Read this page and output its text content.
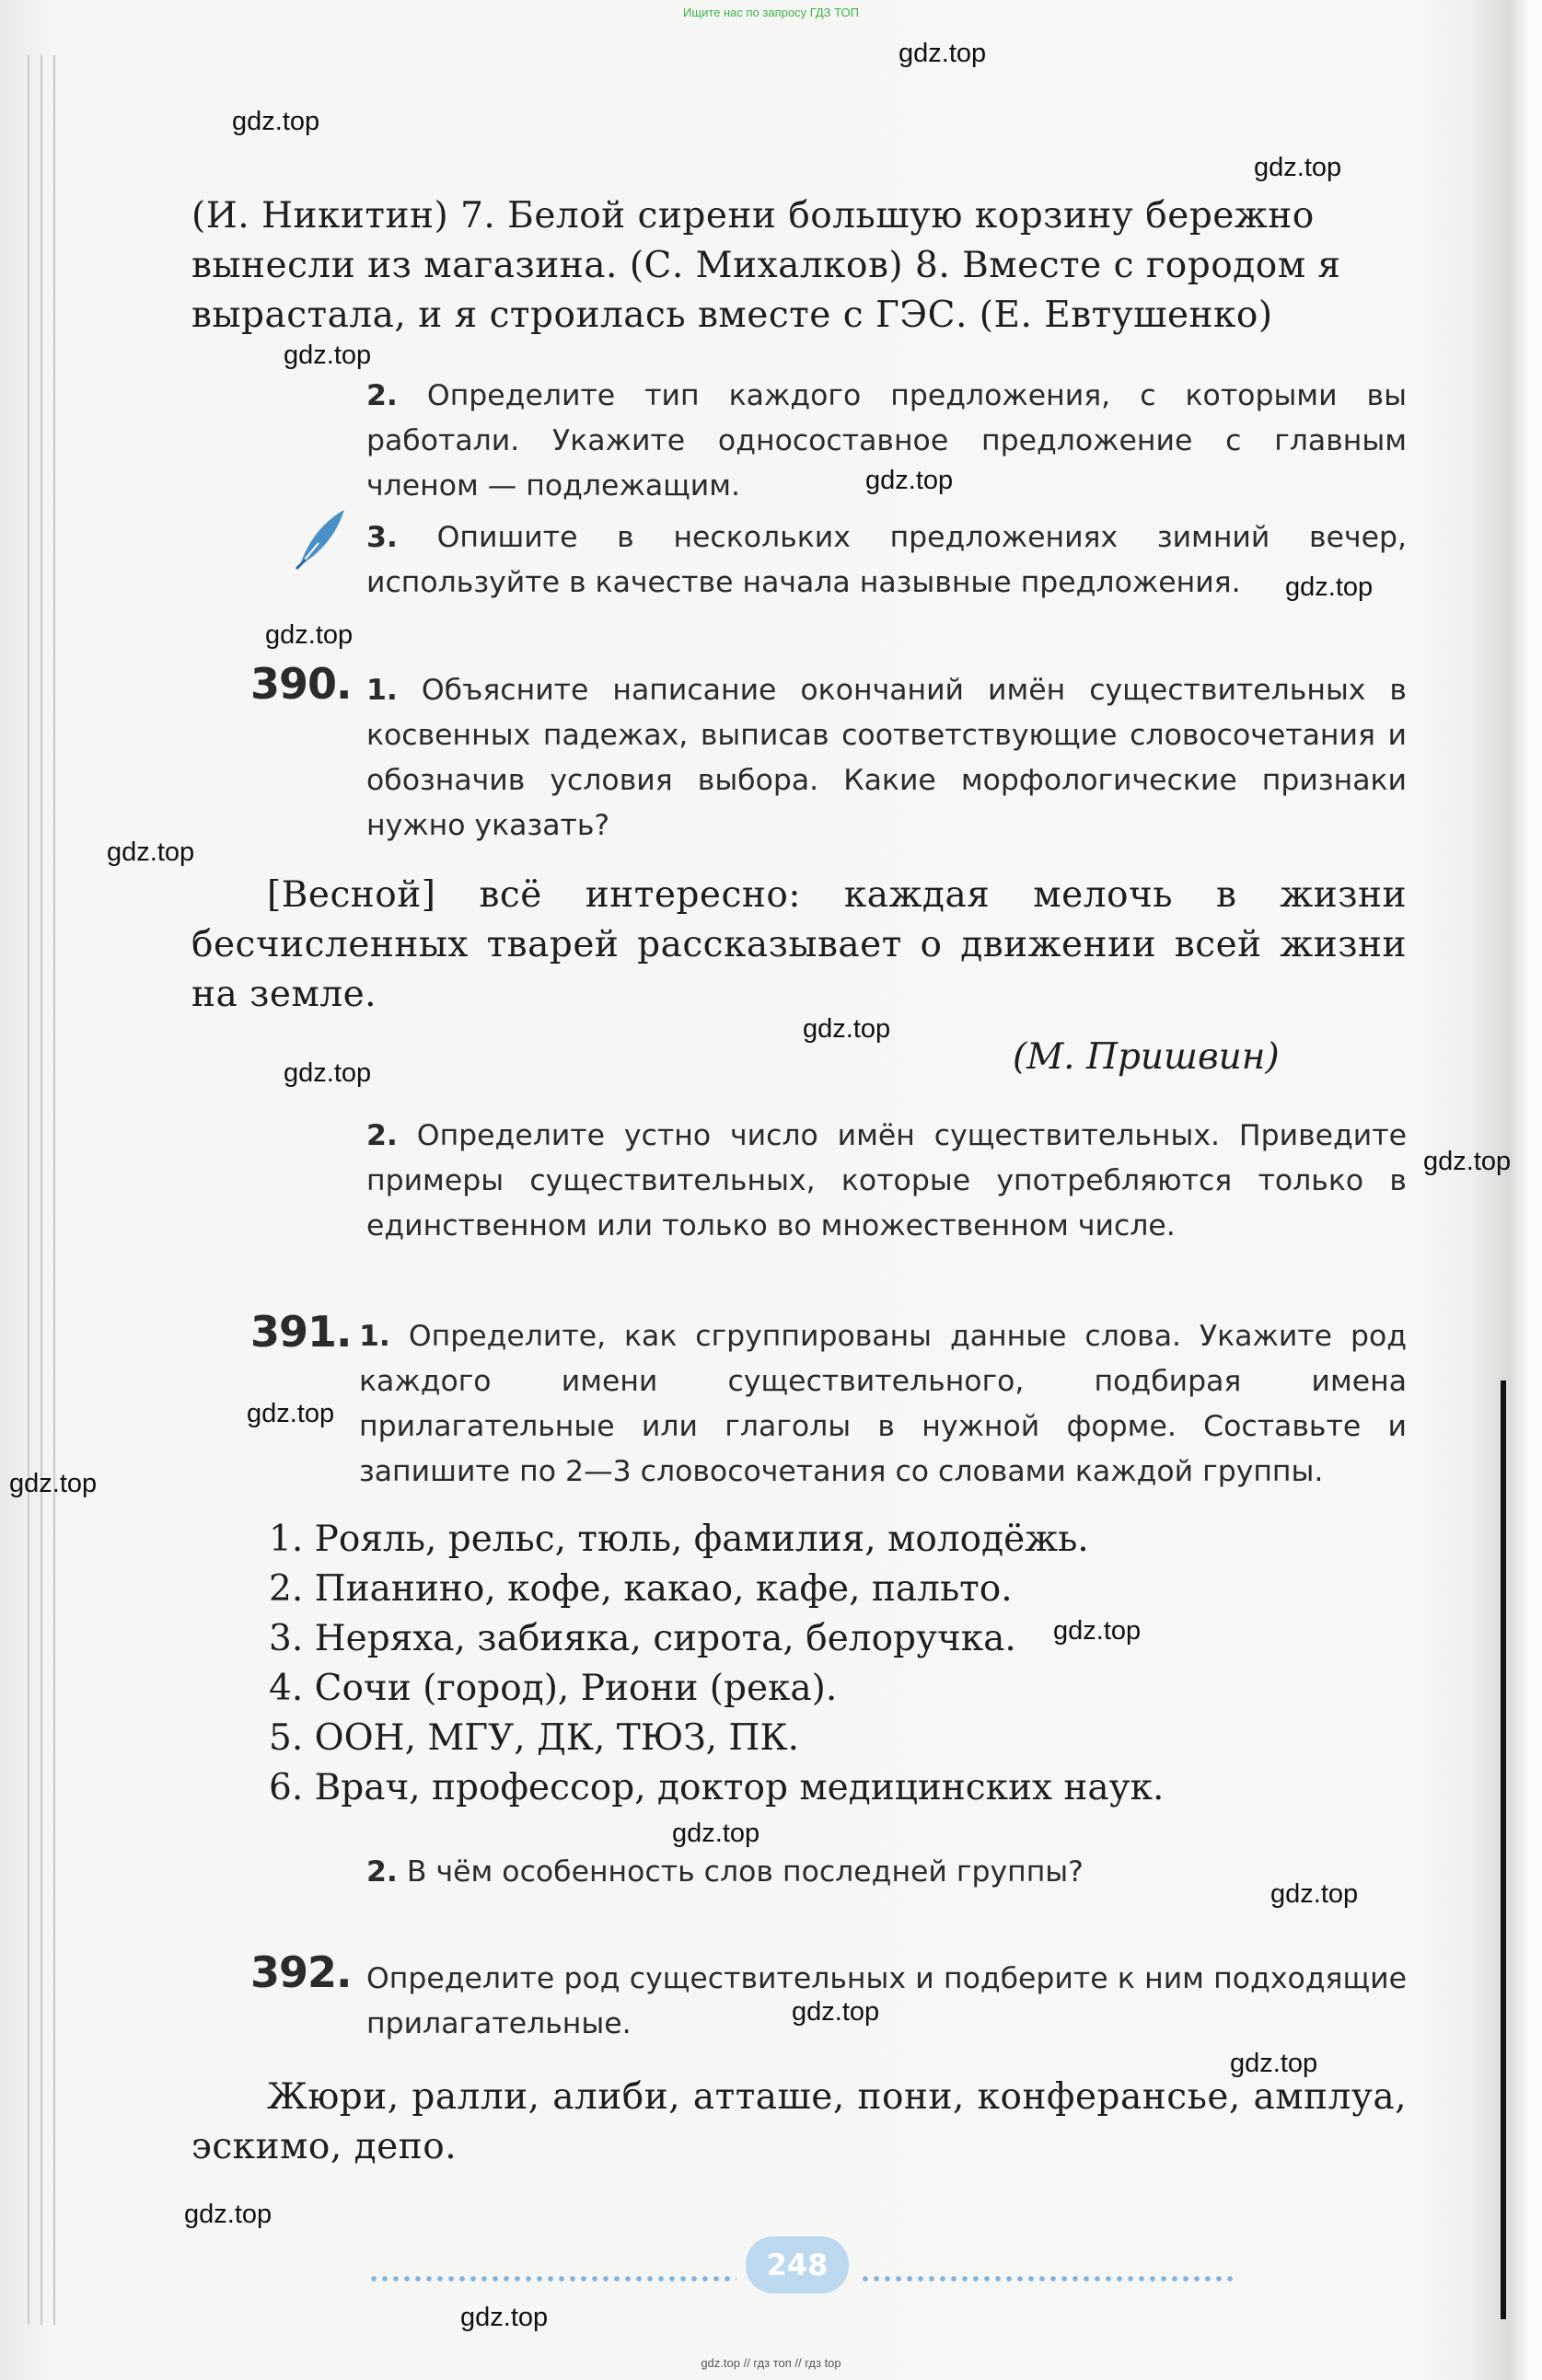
Ищите нас по запросу ГДЗ ТОП
(И. Никитин) 7. Белой сирени большую корзину бережно
вынесли из магазина. (С. Михалков) 8. Вместе с городом я
вырастала, и я строилась вместе с ГЭС. (Е. Евтушенко)
2. Определите тип каждого предложения, с которыми вы работали. Укажите односоставное предложение с главным членом — подлежащим.
3. Опишите в нескольких предложениях зимний вечер, используйте в качестве начала назывные предложения.
390. 1. Объясните написание окончаний имён существительных в косвенных падежах, выписав соответствующие словосочетания и обозначив условия выбора. Какие морфологические признаки нужно указать?
[Весной] всё интересно: каждая мелочь в жизни бесчисленных тварей рассказывает о движении всей жизни на земле.
(М. Пришвин)
2. Определите устно число имён существительных. Приведите примеры существительных, которые употребляются только в единственном или только во множественном числе.
391. 1. Определите, как сгруппированы данные слова. Укажите род каждого имени существительного, подбирая имена прилагательные или глаголы в нужной форме. Составьте и запишите по 2—3 словосочетания со словами каждой группы.
1. Рояль, рельс, тюль, фамилия, молодёжь.
2. Пианино, кофе, какао, кафе, пальто.
3. Неряха, забияка, сирота, белоручка.
4. Сочи (город), Риони (река).
5. ООН, МГУ, ДК, ТЮЗ, ПК.
6. Врач, профессор, доктор медицинских наук.
2. В чём особенность слов последней группы?
392. Определите род существительных и подберите к ним подходящие прилагательные.
Жюри, ралли, алиби, атташе, пони, конферансье, амплуа, эскимо, депо.
248
gdz.top
gdz.top
gdz.top
gdz.top
gdz.top
gdz.top
gdz.top
gdz.top
gdz.top
gdz.top
gdz.top
gdz.top
gdz.top
gdz.top
gdz.top
gdz.top
gdz.top
gdz.top
gdz.top
gdz.top
gdz.top // гдз топ // гдз top
